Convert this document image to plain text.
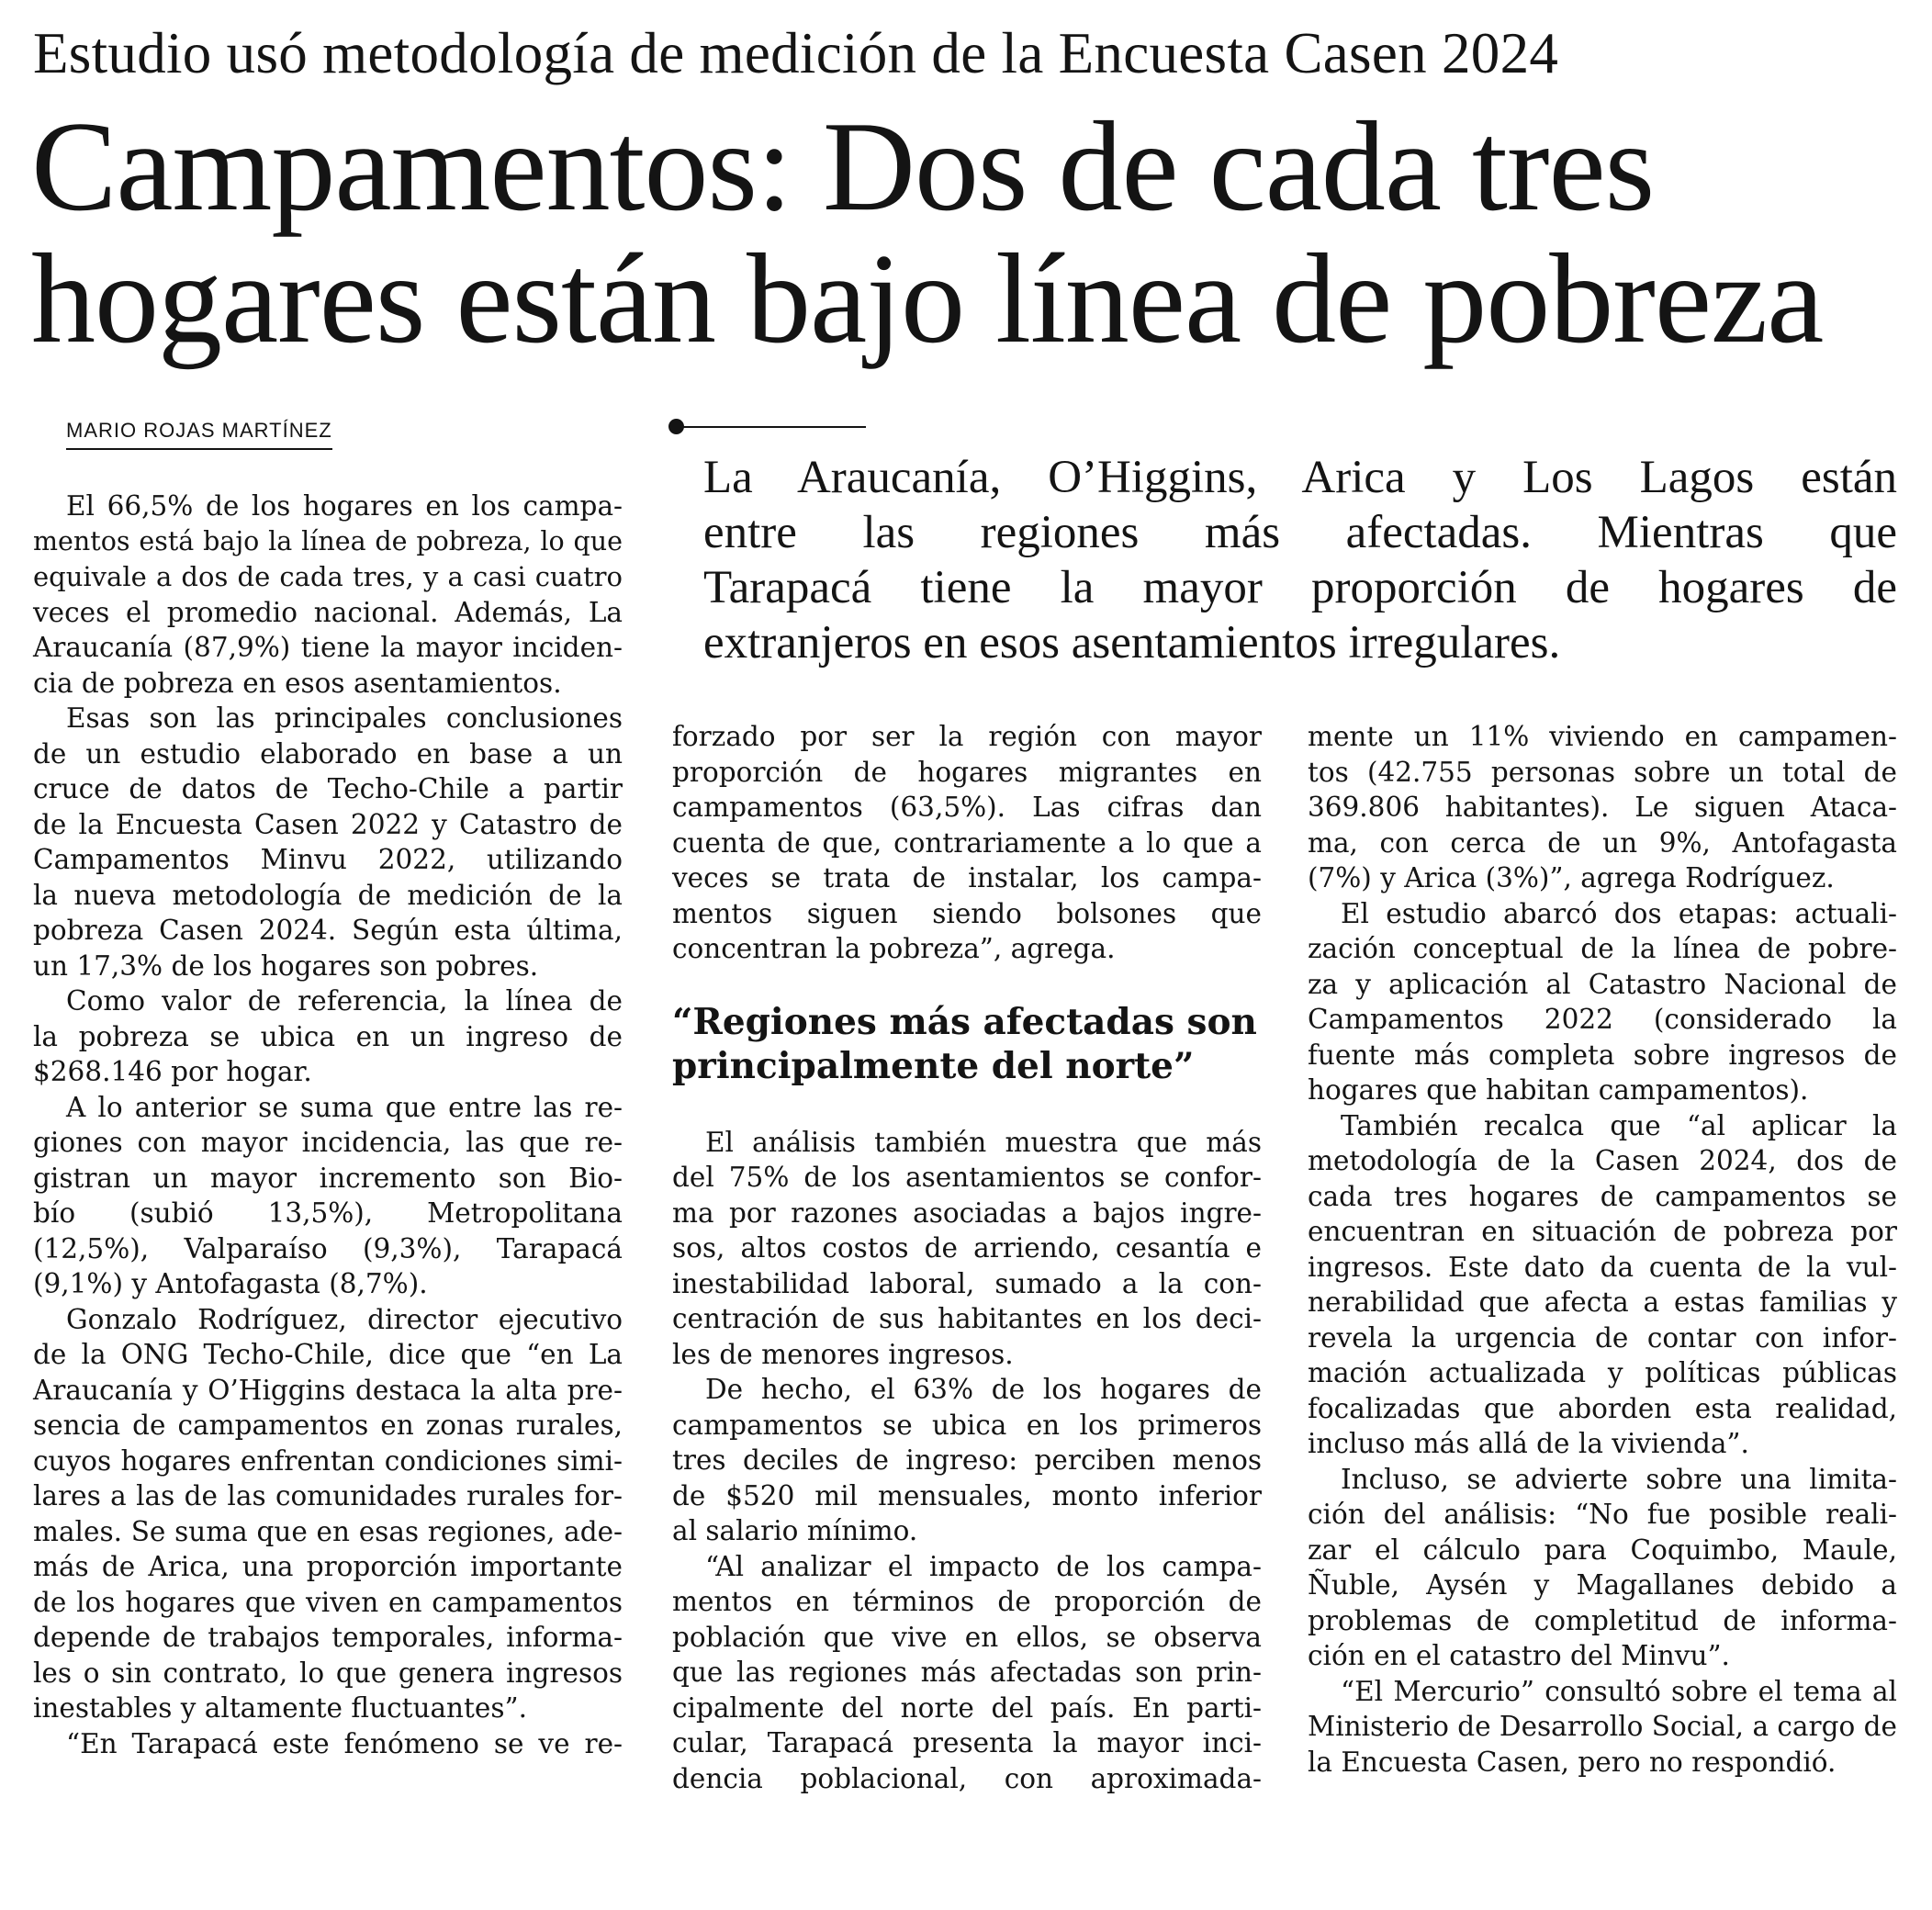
Estudio usó metodología de medición de la Encuesta Casen 2024
Campamentos: Dos de cada tres
hogares están bajo línea de pobreza
MARIO ROJAS MARTÍNEZ
La Araucanía, O’Higgins, Arica y Los Lagos están
entre las regiones más afectadas. Mientras que
Tarapacá tiene la mayor proporción de hogares de
extranjeros en esos asentamientos irregulares.
El 66,5% de los hogares en los campa-
mentos está bajo la línea de pobreza, lo que
equivale a dos de cada tres, y a casi cuatro
veces el promedio nacional. Además, La
Araucanía (87,9%) tiene la mayor inciden-
cia de pobreza en esos asentamientos.
Esas son las principales conclusiones
de un estudio elaborado en base a un
cruce de datos de Techo-Chile a partir
de la Encuesta Casen 2022 y Catastro de
Campamentos Minvu 2022, utilizando
la nueva metodología de medición de la
pobreza Casen 2024. Según esta última,
un 17,3% de los hogares son pobres.
Como valor de referencia, la línea de
la pobreza se ubica en un ingreso de
$268.146 por hogar.
A lo anterior se suma que entre las re-
giones con mayor incidencia, las que re-
gistran un mayor incremento son Bio-
bío (subió 13,5%), Metropolitana
(12,5%), Valparaíso (9,3%), Tarapacá
(9,1%) y Antofagasta (8,7%).
Gonzalo Rodríguez, director ejecutivo
de la ONG Techo-Chile, dice que “en La
Araucanía y O’Higgins destaca la alta pre-
sencia de campamentos en zonas rurales,
cuyos hogares enfrentan condiciones simi-
lares a las de las comunidades rurales for-
males. Se suma que en esas regiones, ade-
más de Arica, una proporción importante
de los hogares que viven en campamentos
depende de trabajos temporales, informa-
les o sin contrato, lo que genera ingresos
inestables y altamente fluctuantes”.
“En Tarapacá este fenómeno se ve re-
forzado por ser la región con mayor
proporción de hogares migrantes en
campamentos (63,5%). Las cifras dan
cuenta de que, contrariamente a lo que a
veces se trata de instalar, los campa-
mentos siguen siendo bolsones que
concentran la pobreza”, agrega.
“Regiones más afectadas son
principalmente del norte”
El análisis también muestra que más
del 75% de los asentamientos se confor-
ma por razones asociadas a bajos ingre-
sos, altos costos de arriendo, cesantía e
inestabilidad laboral, sumado a la con-
centración de sus habitantes en los deci-
les de menores ingresos.
De hecho, el 63% de los hogares de
campamentos se ubica en los primeros
tres deciles de ingreso: perciben menos
de $520 mil mensuales, monto inferior
al salario mínimo.
“Al analizar el impacto de los campa-
mentos en términos de proporción de
población que vive en ellos, se observa
que las regiones más afectadas son prin-
cipalmente del norte del país. En parti-
cular, Tarapacá presenta la mayor inci-
dencia poblacional, con aproximada-
mente un 11% viviendo en campamen-
tos (42.755 personas sobre un total de
369.806 habitantes). Le siguen Ataca-
ma, con cerca de un 9%, Antofagasta
(7%) y Arica (3%)”, agrega Rodríguez.
El estudio abarcó dos etapas: actuali-
zación conceptual de la línea de pobre-
za y aplicación al Catastro Nacional de
Campamentos 2022 (considerado la
fuente más completa sobre ingresos de
hogares que habitan campamentos).
También recalca que “al aplicar la
metodología de la Casen 2024, dos de
cada tres hogares de campamentos se
encuentran en situación de pobreza por
ingresos. Este dato da cuenta de la vul-
nerabilidad que afecta a estas familias y
revela la urgencia de contar con infor-
mación actualizada y políticas públicas
focalizadas que aborden esta realidad,
incluso más allá de la vivienda”.
Incluso, se advierte sobre una limita-
ción del análisis: “No fue posible reali-
zar el cálculo para Coquimbo, Maule,
Ñuble, Aysén y Magallanes debido a
problemas de completitud de informa-
ción en el catastro del Minvu”.
“El Mercurio” consultó sobre el tema al
Ministerio de Desarrollo Social, a cargo de
la Encuesta Casen, pero no respondió.
